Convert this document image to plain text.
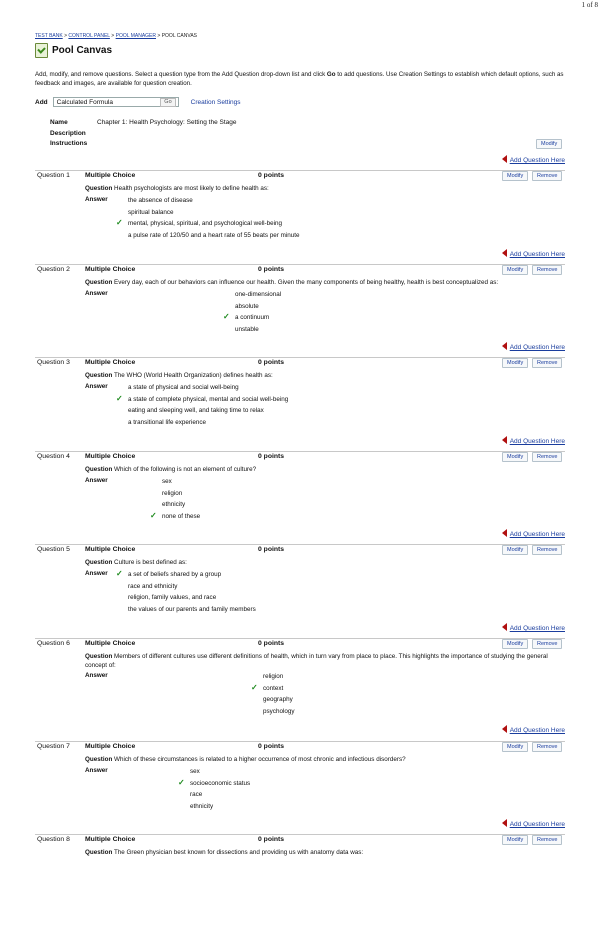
1 of 8
TEST BANK > CONTROL PANEL > POOL MANAGER > POOL CANVAS
Pool Canvas
Add, modify, and remove questions. Select a question type from the Add Question drop-down list and click Go to add questions. Use Creation Settings to establish which default options, such as feedback and images, are available for question creation.
Add	Calculated Formula	Go	Creation Settings
Name	Chapter 1: Health Psychology: Setting the Stage
Description
Instructions	Modify
Add Question Here
Question 1 Multiple Choice	0 points	Modify	Remove
Question Health psychologists are most likely to define health as:
Answer	the absence of disease
spiritual balance
mental, physical, spiritual, and psychological well-being
✓
a pulse rate of 120/50 and a heart rate of 55 beats per minute
Add Question Here
Question 2 Multiple Choice	0 points	Modify	Remove
Question Every day, each of our behaviors can influence our health. Given the many components of being healthy, health is best conceptualized as:
Answer	one-dimensional
absolute
a continuum
✓
unstable
Add Question Here
Question 3 Multiple Choice	0 points	Modify	Remove
Question The WHO (World Health Organization) defines health as:
Answer	a state of physical and social well-being
a state of complete physical, mental and social well-being
✓
eating and sleeping well, and taking time to relax
a transitional life experience
Add Question Here
Question 4 Multiple Choice	0 points	Modify	Remove
Question Which of the following is not an element of culture?
Answer	sex
religion
ethnicity
none of these
✓
Add Question Here
Question 5 Multiple Choice	0 points	Modify	Remove
Question Culture is best defined as:
Answer	a set of beliefs shared by a group
✓
race and ethnicity
religion, family values, and race
the values of our parents and family members
Add Question Here
Question 6 Multiple Choice	0 points	Modify	Remove
Question Members of different cultures use different definitions of health, which in turn vary from place to place. This highlights the importance of studying the general concept of:
Answer	religion
context
✓
geography
psychology
Add Question Here
Question 7 Multiple Choice	0 points	Modify	Remove
Question Which of these circumstances is related to a higher occurrence of most chronic and infectious disorders?
Answer	sex
socioeconomic status
✓
race
ethnicity
Add Question Here
Question 8 Multiple Choice	0 points	Modify	Remove
Question The Green physician best known for dissections and providing us with anatomy data was:
